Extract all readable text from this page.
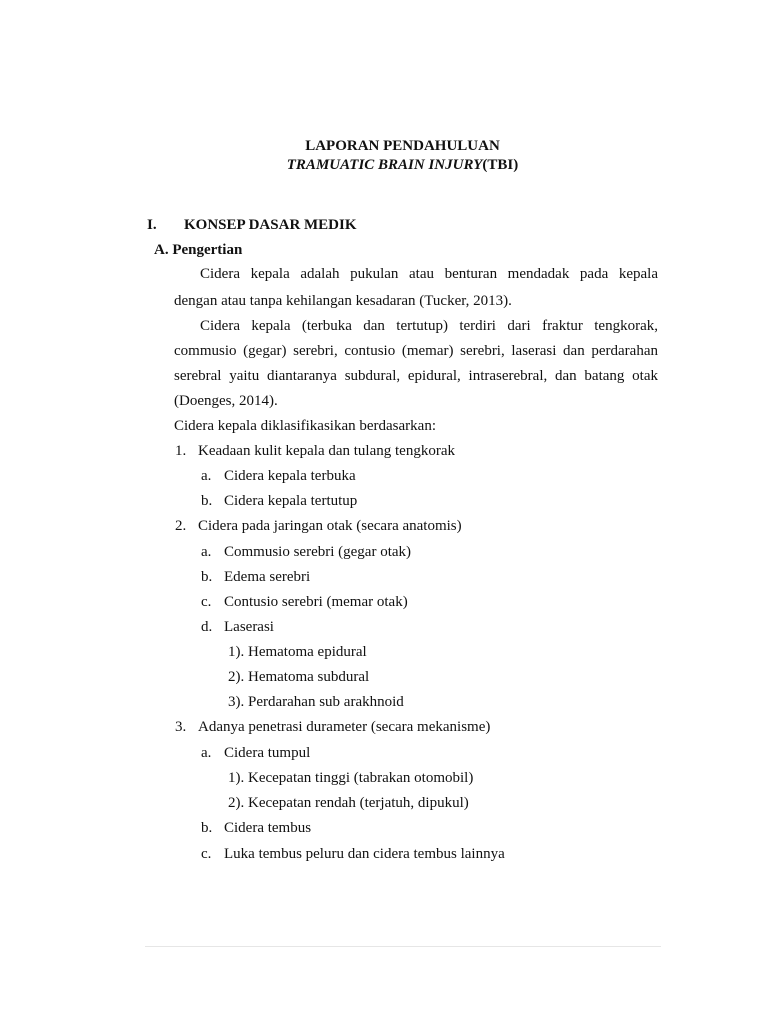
LAPORAN PENDAHULUAN
TRAMUATIC BRAIN INJURY(TBI)
I. KONSEP DASAR MEDIK
A. Pengertian
Cidera kepala adalah pukulan atau benturan mendadak pada kepala
dengan atau tanpa kehilangan kesadaran (Tucker, 2013).
Cidera kepala (terbuka dan tertutup) terdiri dari fraktur tengkorak,
commusio (gegar) serebri, contusio (memar) serebri, laserasi dan perdarahan
serebral yaitu diantaranya subdural, epidural, intraserebral, dan batang otak
(Doenges, 2014).
Cidera kepala diklasifikasikan berdasarkan:
1. Keadaan kulit kepala dan tulang tengkorak
a. Cidera kepala terbuka
b. Cidera kepala tertutup
2. Cidera pada jaringan otak (secara anatomis)
a. Commusio serebri (gegar otak)
b. Edema serebri
c. Contusio serebri (memar otak)
d. Laserasi
1). Hematoma epidural
2). Hematoma subdural
3). Perdarahan sub arakhnoid
3. Adanya penetrasi durameter (secara mekanisme)
a. Cidera tumpul
1). Kecepatan tinggi (tabrakan otomobil)
2). Kecepatan rendah (terjatuh, dipukul)
b. Cidera tembus
c. Luka tembus peluru dan cidera tembus lainnya
